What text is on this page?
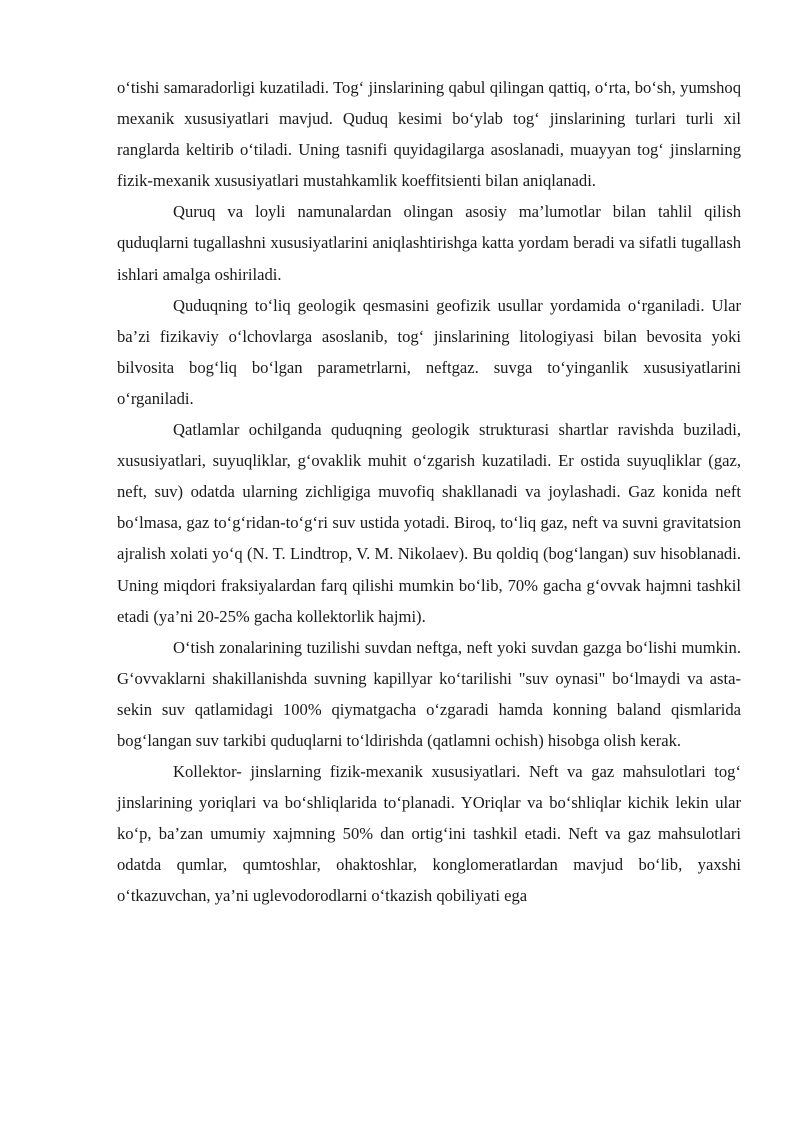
o‘tishi samaradorligi kuzatiladi. Tog‘ jinslarining qabul qilingan qattiq, o‘rta, bo‘sh, yumshoq mexanik xususiyatlari mavjud. Quduq kesimi bo‘ylab tog‘ jinslarining turlari turli xil ranglarda keltirib o‘tiladi. Uning tasnifi quyidagilarga asoslanadi, muayyan tog‘ jinslarning fizik-mexanik xususiyatlari mustahkamlik koeffitsienti bilan aniqlanadi.

Quruq va loyli namunalardan olingan asosiy ma’lumotlar bilan tahlil qilish quduqlarni tugallashni xususiyatlarini aniqlashtirishga katta yordam beradi va sifatli tugallash ishlari amalga oshiriladi.

Quduqning to‘liq geologik qesmasini geofizik usullar yordamida o‘rganiladi. Ular ba’zi fizikaviy o‘lchovlarga asoslanib, tog‘ jinslarining litologiyasi bilan bevosita yoki bilvosita bog‘liq bo‘lgan parametrlarni, neftgaz. suvga to‘yinganlik xususiyatlarini o‘rganiladi.

Qatlamlar ochilganda quduqning geologik strukturasi shartlar ravishda buziladi, xususiyatlari, suyuqliklar, g‘ovaklik muhit o‘zgarish kuzatiladi. Er ostida suyuqliklar (gaz, neft, suv) odatda ularning zichligiga muvofiq shakllanadi va joylashadi. Gaz konida neft bo‘lmasa, gaz to‘g‘ridan-to‘g‘ri suv ustida yotadi. Biroq, to‘liq gaz, neft va suvni gravitatsion ajralish xolati yo‘q (N. T. Lindtrop, V. M. Nikolaev). Bu qoldiq (bog‘langan) suv hisoblanadi. Uning miqdori fraksiyalardan farq qilishi mumkin bo‘lib, 70% gacha g‘ovvak hajmni tashkil etadi (ya’ni 20-25% gacha kollektorlik hajmi).

O‘tish zonalarining tuzilishi suvdan neftga, neft yoki suvdan gazga bo‘lishi mumkin. G‘ovvaklarni shakillanishda suvning kapillyar ko‘tarilishi "suv oynasi" bo‘lmaydi va asta-sekin suv qatlamidagi 100% qiymatgacha o‘zgaradi hamda konning baland qismlarida bog‘langan suv tarkibi quduqlarni to‘ldirishda (qatlamni ochish) hisobga olish kerak.

Kollektor- jinslarning fizik-mexanik xususiyatlari. Neft va gaz mahsulotlari tog‘ jinslarining yoriqlari va bo‘shliqlarida to‘planadi. YOriqlar va bo‘shliqlar kichik lekin ular ko‘p, ba’zan umumiy xajmning 50% dan ortig‘ini tashkil etadi. Neft va gaz mahsulotlari odatda qumlar, qumtoshlar, ohaktoshlar, konglomeratlardan mavjud bo‘lib, yaxshi o‘tkazuvchan, ya’ni uglevodorodlarni o‘tkazish qobiliyati ega
